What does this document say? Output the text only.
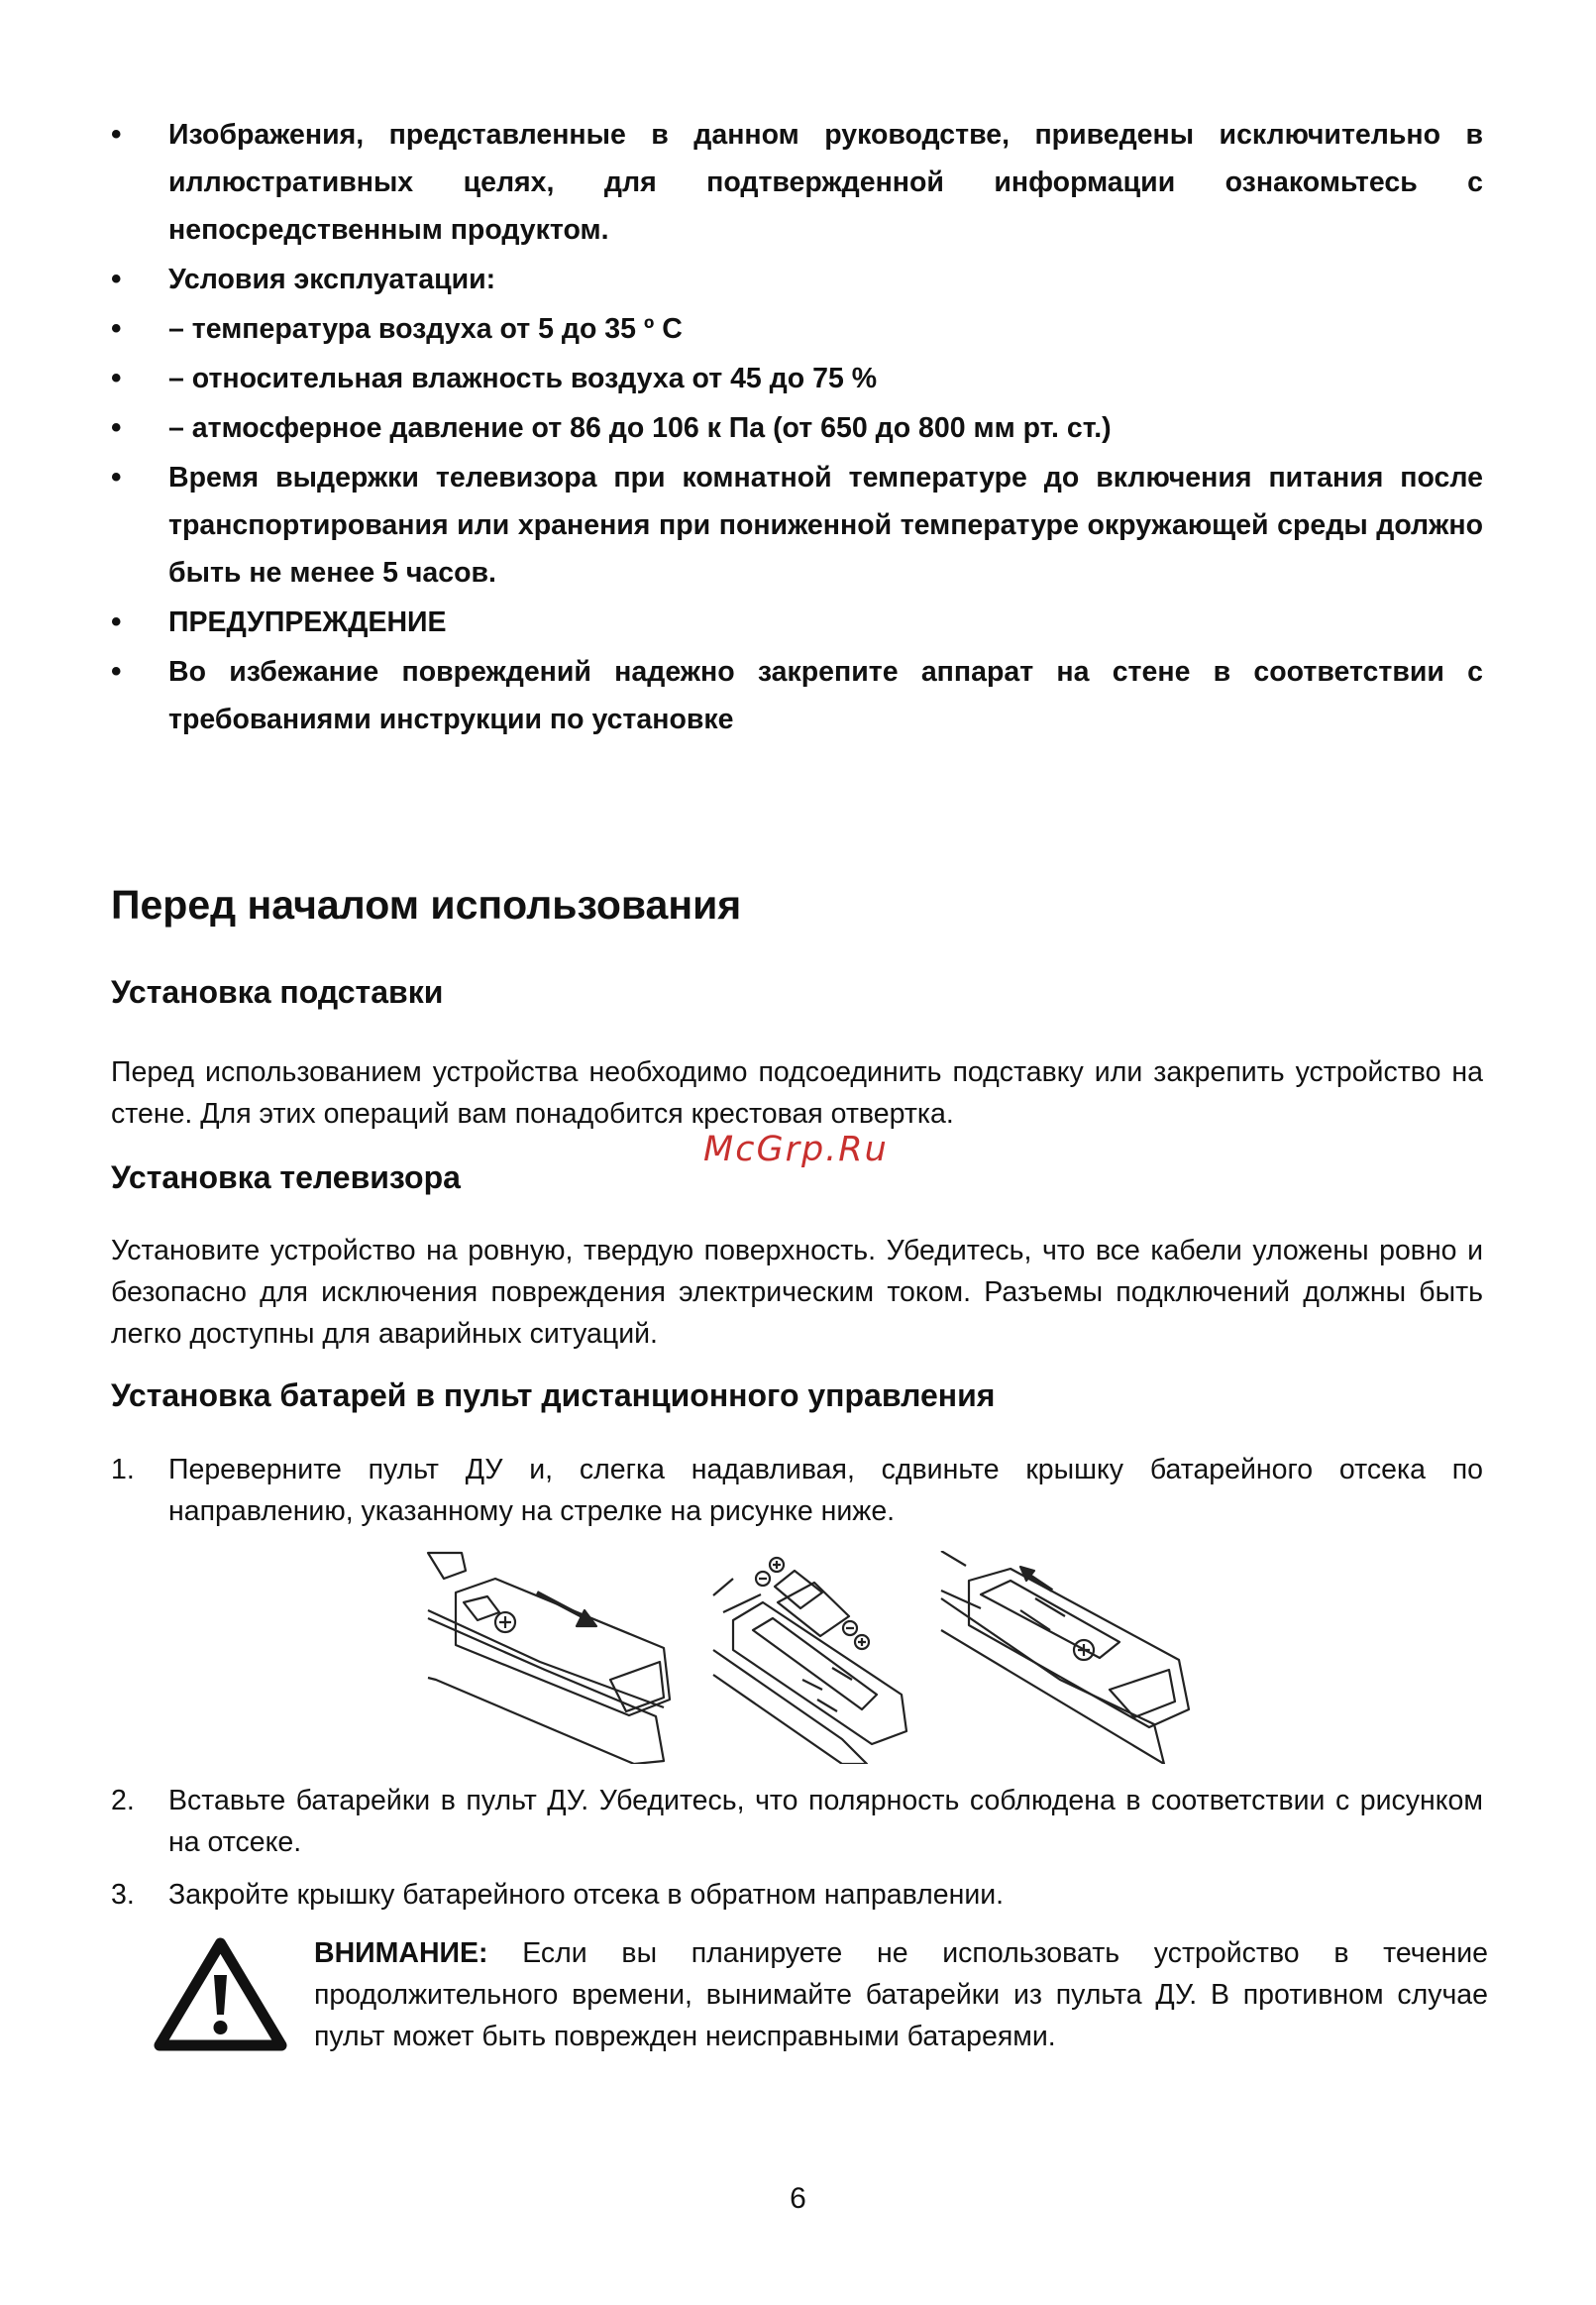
• Изображения, представленные в данном руководстве, приведены исключительно в иллюстративных целях, для подтвержденной информации ознакомьтесь с непосредственным продуктом.
• Условия эксплуатации:
• – температура воздуха от 5 до 35 º С
• – относительная влажность воздуха от 45 до 75 %
• – атмосферное давление от 86 до 106 к Па (от 650 до 800 мм рт. ст.)
• Время выдержки телевизора при комнатной температуре до включения питания после транспортирования или хранения при пониженной температуре окружающей среды должно быть не менее 5 часов.
• ПРЕДУПРЕЖДЕНИЕ
• Во избежание повреждений надежно закрепите аппарат на стене в соответствии с требованиями инструкции по установке
Перед началом использования
Установка подставки

Перед использованием устройства необходимо подсоединить подставку или закрепить устройство на стене. Для этих операций вам понадобится крестовая отвертка.

McGrp.Ru
Установка телевизора

Установите устройство на ровную, твердую поверхность. Убедитесь, что все кабели уложены ровно и безопасно для исключения повреждения электрическим током. Разъемы подключений должны быть легко доступны для аварийных ситуаций.

Установка батарей в пульт дистанционного управления
1. Переверните пульт ДУ и, слегка надавливая, сдвиньте крышку батарейного отсека по направлению, указанному на стрелке на рисунке ниже.
2. Вставьте батарейки в пульт ДУ. Убедитесь, что полярность соблюдена в соответствии с рисунком на отсеке.
3. Закройте крышку батарейного отсека в обратном направлении.

ВНИМАНИЕ: Если вы планируете не использовать устройство в течение продолжительного времени, вынимайте батарейки из пульта ДУ. В противном случае пульт может быть поврежден неисправными батареями.

6
